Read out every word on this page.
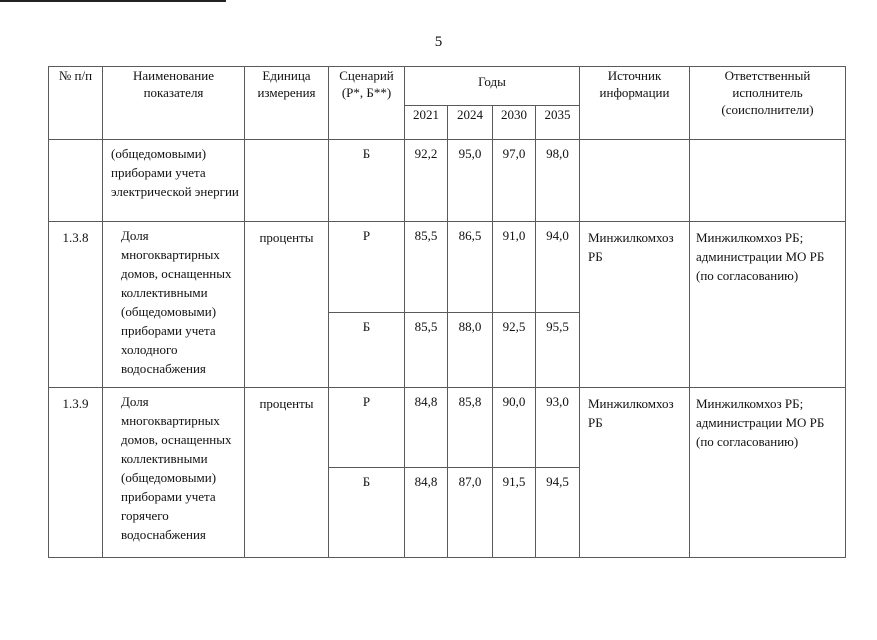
5
№ п/п	Наименование показателя	Единица измерения	Сценарий (Р*, Б**)	Годы				Источник информации	Ответственный исполнитель (соисполнители)
				2021	2024	2030	2035		
	(общедомовыми) приборами учета электрической энергии		Б	92,2	95,0	97,0	98,0		
1.3.8	Доля многоквартирных домов, оснащенных коллективными (общедомовыми) приборами учета холодного водоснабжения	проценты	Р	85,5	86,5	91,0	94,0	Минжилкомхоз РБ	Минжилкомхоз РБ; администрации МО РБ (по согласованию)
			Б	85,5	88,0	92,5	95,5		
1.3.9	Доля многоквартирных домов, оснащенных коллективными (общедомовыми) приборами учета горячего водоснабжения	проценты	Р	84,8	85,8	90,0	93,0	Минжилкомхоз РБ	Минжилкомхоз РБ; администрации МО РБ (по согласованию)
			Б	84,8	87,0	91,5	94,5		
